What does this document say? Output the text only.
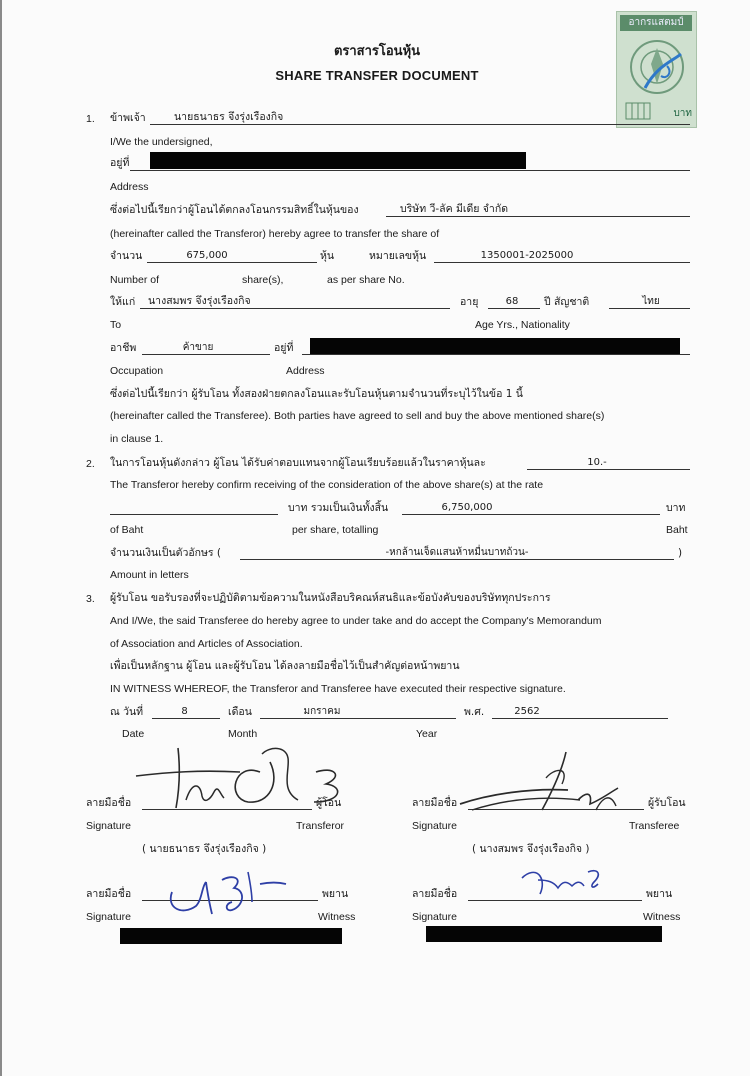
อากรแสตมป์
บาท
ตราสารโอนหุ้น
SHARE TRANSFER DOCUMENT
1. ข้าพเจ้า	นายธนาธร จึงรุ่งเรืองกิจ
I/We the undersigned,
อยู่ที่
Address
ซึ่งต่อไปนี้เรียกว่าผู้โอนได้ตกลงโอนกรรมสิทธิ์ในหุ้นของ	บริษัท วี-ลัค มีเดีย จำกัด
(hereinafter called the Transferor) hereby agree to transfer the share of
จำนวน	675,000	หุ้น	หมายเลขหุ้น	1350001-2025000
Number of	share(s),	as per share No.
ให้แก่ นางสมพร จึงรุ่งเรืองกิจ	อายุ	68	ปี สัญชาติ	ไทย
To	Age Yrs., Nationality
อาชีพ	ค้าขาย	อยู่ที่
Occupation	Address
ซึ่งต่อไปนี้เรียกว่า ผู้รับโอน ทั้งสองฝ่ายตกลงโอนและรับโอนหุ้นตามจำนวนที่ระบุไว้ในข้อ 1 นี้
(hereinafter called the Transferee). Both parties have agreed to sell and buy the above mentioned share(s)
in clause 1.
2. ในการโอนหุ้นดังกล่าว ผู้โอน ได้รับค่าตอบแทนจากผู้โอนเรียบร้อยแล้วในราคาหุ้นละ	10.-
The Transferor hereby confirm receiving of the consideration of the above share(s) at the rate
บาท รวมเป็นเงินทั้งสิ้น	6,750,000	บาท
of Baht	per share, totalling	Baht
จำนวนเงินเป็นตัวอักษร (	-หกล้านเจ็ดแสนห้าหมื่นบาทถ้วน-	)
Amount in letters
3. ผู้รับโอน ขอรับรองที่จะปฏิบัติตามข้อความในหนังสือบริคณห์สนธิและข้อบังคับของบริษัททุกประการ
And I/We, the said Transferee do hereby agree to under take and do accept the Company's Memorandum
of Association and Articles of Association.
เพื่อเป็นหลักฐาน ผู้โอน และผู้รับโอน ได้ลงลายมือชื่อไว้เป็นสำคัญต่อหน้าพยาน
IN WITNESS WHEREOF, the Transferor and Transferee have executed their respective signature.
ณ วันที่	8	เดือน	มกราคม	พ.ศ.	2562
Date	Month	Year
ลายมือชื่อ	ผู้โอน
Signature	Transferor
( นายธนาธร จึงรุ่งเรืองกิจ )
ลายมือชื่อ	ผู้รับโอน
Signature	Transferee
( นางสมพร จึงรุ่งเรืองกิจ )
ลายมือชื่อ	พยาน
Signature	Witness
ลายมือชื่อ	พยาน
Signature	Witness
